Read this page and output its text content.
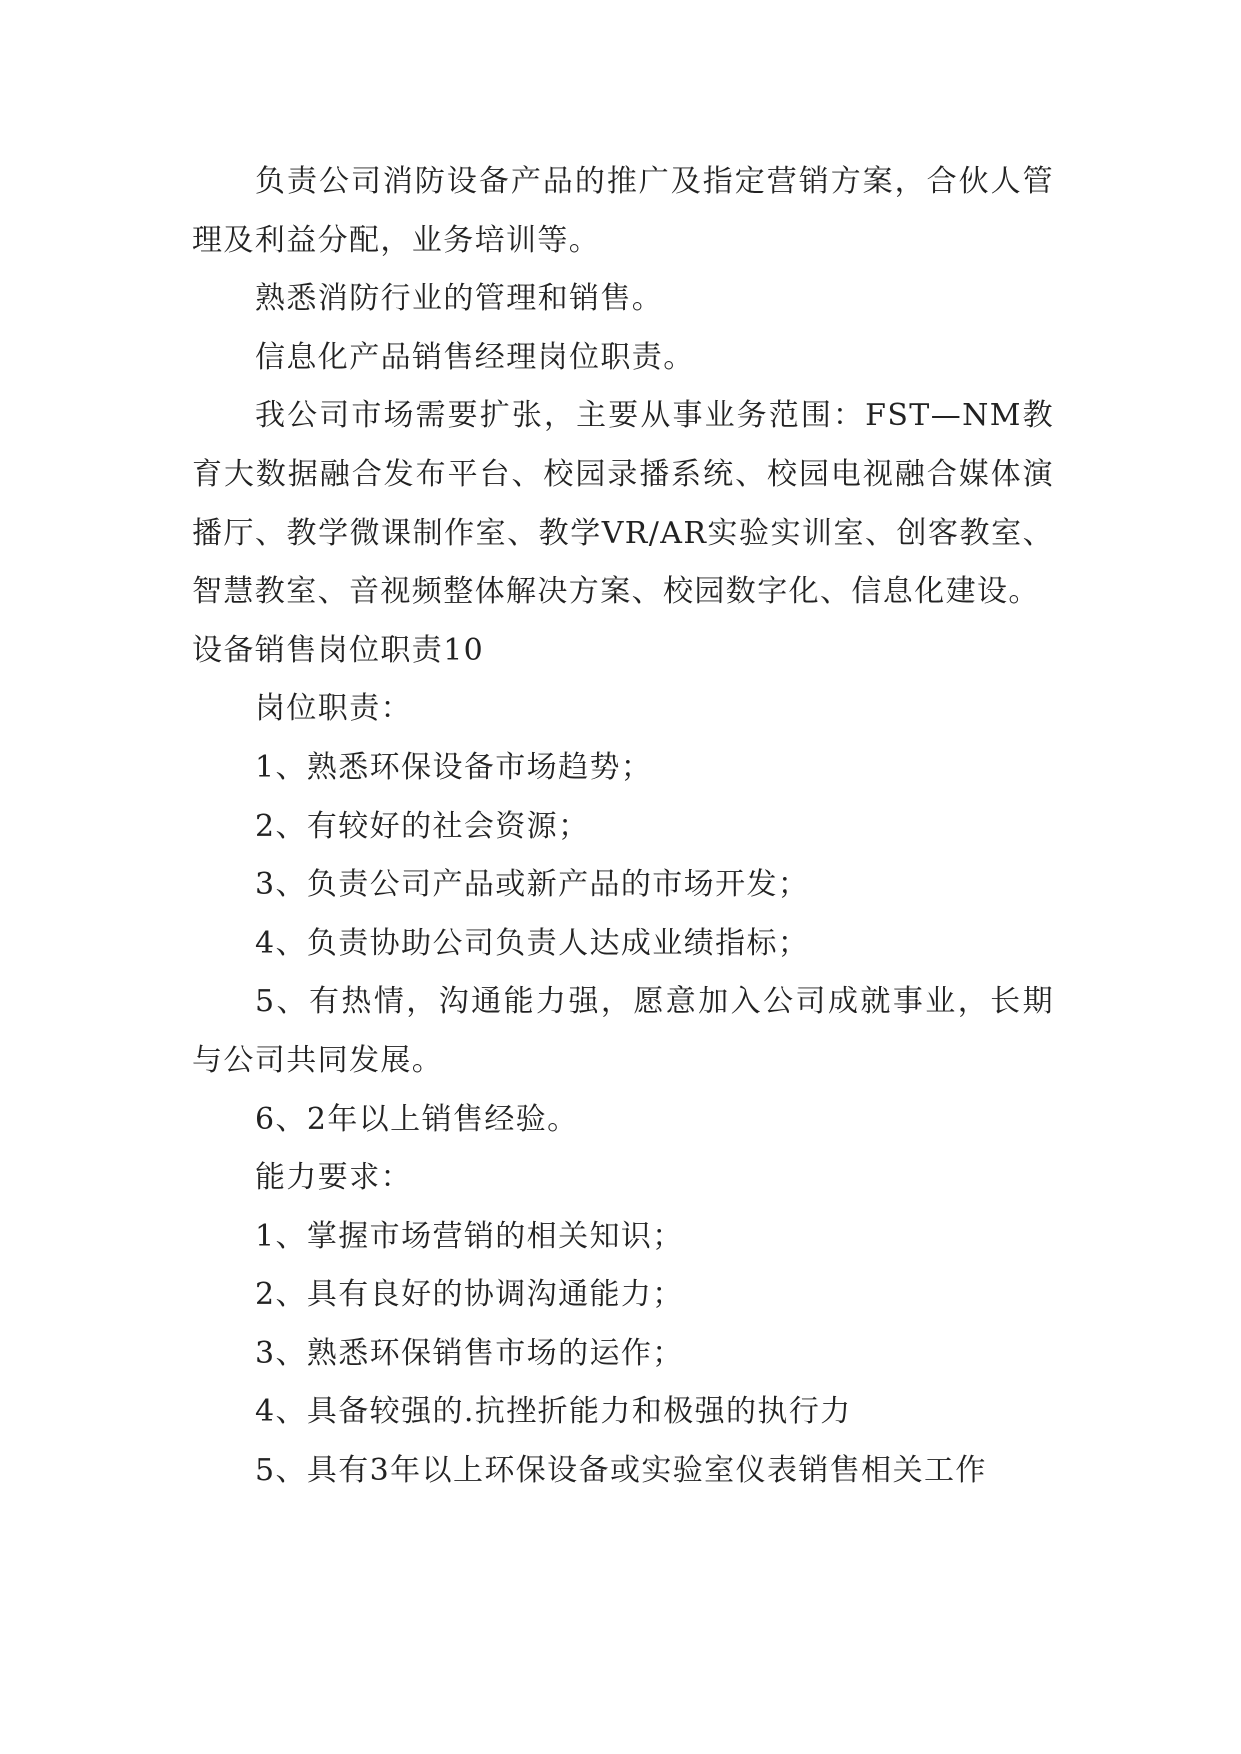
负责公司消防设备产品的推广及指定营销方案，合伙人管理及利益分配，业务培训等。

熟悉消防行业的管理和销售。

信息化产品销售经理岗位职责。

我公司市场需要扩张，主要从事业务范围：FST—NM教育大数据融合发布平台、校园录播系统、校园电视融合媒体演播厅、教学微课制作室、教学VR/AR实验实训室、创客教室、智慧教室、音视频整体解决方案、校园数字化、信息化建设。

设备销售岗位职责10

岗位职责：

1、熟悉环保设备市场趋势；

2、有较好的社会资源；

3、负责公司产品或新产品的市场开发；

4、负责协助公司负责人达成业绩指标；

5、有热情，沟通能力强，愿意加入公司成就事业，长期与公司共同发展。

6、2年以上销售经验。

能力要求：

1、掌握市场营销的相关知识；

2、具有良好的协调沟通能力；

3、熟悉环保销售市场的运作；

4、具备较强的.抗挫折能力和极强的执行力

5、具有3年以上环保设备或实验室仪表销售相关工作
